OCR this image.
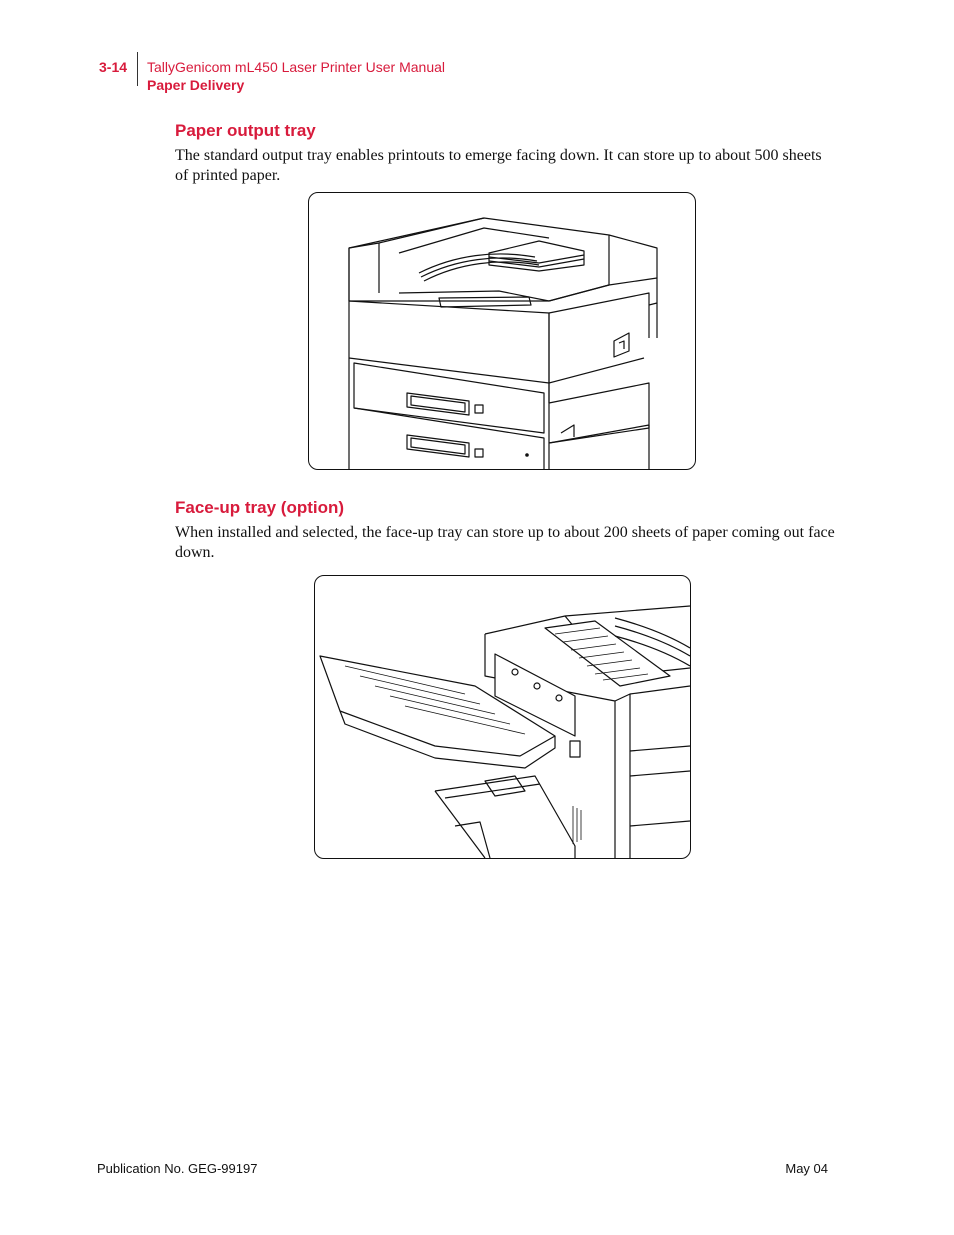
3-14 TallyGenicom mL450 Laser Printer User Manual
Paper Delivery
Paper output tray

The standard output tray enables printouts to emerge facing down. It can store up to about 500 sheets of printed paper.

Face-up tray (option)

When installed and selected, the face-up tray can store up to about 200 sheets of paper coming out face down.

Publication No. GEG-99197	May 04
